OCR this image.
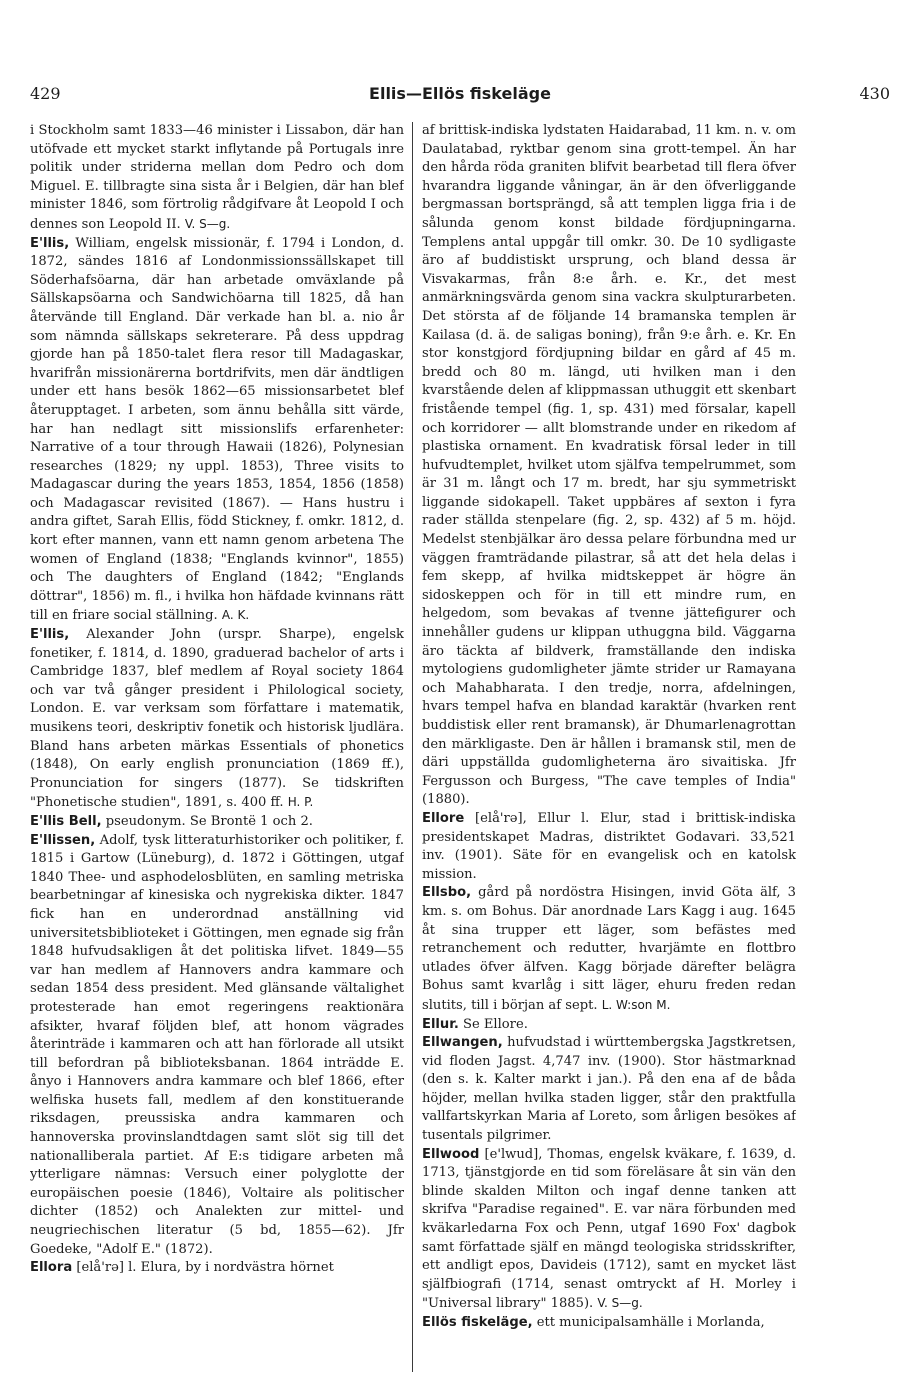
429	Ellis—Ellös fiskeläge	430

i Stockholm samt 1833—46 minister i Lissabon, där han utöfvade ett mycket starkt inflytande på Portugals inre politik under striderna mellan dom Pedro och dom Miguel. E. tillbragte sina sista år i Belgien, där han blef minister 1846, som förtrolig rådgifvare åt Leopold I och dennes son Leopold II. V. S—g.

E'llis, William, engelsk missionär, f. 1794 i London, d. 1872, sändes 1816 af Londonmissionssällskapet till Söderhafsöarna, där han arbetade omväxlande på Sällskapsöarna och Sandwichöarna till 1825, då han återvände till England. Där verkade han bl. a. nio år som nämnda sällskaps sekreterare. På dess uppdrag gjorde han på 1850-talet flera resor till Madagaskar, hvarifrån missionärerna bortdrifvits, men där ändtligen under ett hans besök 1862—65 missionsarbetet blef återupptaget. I arbeten, som ännu behålla sitt värde, har han nedlagt sitt missionslifs erfarenheter: Narrative of a tour through Hawaii (1826), Polynesian researches (1829; ny uppl. 1853), Three visits to Madagascar during the years 1853, 1854, 1856 (1858) och Madagascar revisited (1867). — Hans hustru i andra giftet, Sarah Ellis, född Stickney, f. omkr. 1812, d. kort efter mannen, vann ett namn genom arbetena The women of England (1838; "Englands kvinnor", 1855) och The daughters of England (1842; "Englands döttrar", 1856) m. fl., i hvilka hon häfdade kvinnans rätt till en friare social ställning. A. K.

E'llis, Alexander John (urspr. Sharpe), engelsk fonetiker, f. 1814, d. 1890, graduerad bachelor of arts i Cambridge 1837, blef medlem af Royal society 1864 och var två gånger president i Philological society, London. E. var verksam som författare i matematik, musikens teori, deskriptiv fonetik och historisk ljudlära. Bland hans arbeten märkas Essentials of phonetics (1848), On early english pronunciation (1869 ff.), Pronunciation for singers (1877). Se tidskriften "Phonetische studien", 1891, s. 400 ff. H. P.

E'llis Bell, pseudonym. Se Brontë 1 och 2.

E'llissen, Adolf, tysk litteraturhistoriker och politiker, f. 1815 i Gartow (Lüneburg), d. 1872 i Göttingen, utgaf 1840 Thee- und asphodelosblüten, en samling metriska bearbetningar af kinesiska och nygrekiska dikter. 1847 fick han en underordnad anställning vid universitetsbiblioteket i Göttingen, men egnade sig från 1848 hufvudsakligen åt det politiska lifvet. 1849—55 var han medlem af Hannovers andra kammare och sedan 1854 dess president. Med glänsande vältalighet protesterade han emot regeringens reaktionära afsikter, hvaraf följden blef, att honom vägrades återinträde i kammaren och att han förlorade all utsikt till befordran på biblioteksbanan. 1864 inträdde E. ånyo i Hannovers andra kammare och blef 1866, efter welfiska husets fall, medlem af den konstituerande riksdagen, preussiska andra kammaren och hannoverska provinslandtdagen samt slöt sig till det nationalliberala partiet. Af E:s tidigare arbeten må ytterligare nämnas: Versuch einer polyglotte der europäischen poesie (1846), Voltaire als politischer dichter (1852) och Analekten zur mittel- und neugriechischen literatur (5 bd, 1855—62). Jfr Goedeke, "Adolf E." (1872).

Ellora [elå'rə] l. Elura, by i nordvästra hörnet

af brittisk-indiska lydstaten Haidarabad, 11 km. n. v. om Daulatabad, ryktbar genom sina grott-tempel. Än har den hårda röda graniten blifvit bearbetad till flera öfver hvarandra liggande våningar, än är den öfverliggande bergmassan bortsprängd, så att templen ligga fria i de sålunda genom konst bildade fördjupningarna. Templens antal uppgår till omkr. 30. De 10 sydligaste äro af buddistiskt ursprung, och bland dessa är Visvakarmas, från 8:e årh. e. Kr., det mest anmärkningsvärda genom sina vackra skulpturarbeten. Det största af de följande 14 bramanska templen är Kailasa (d. ä. de saligas boning), från 9:e årh. e. Kr. En stor konstgjord fördjupning bildar en gård af 45 m. bredd och 80 m. längd, uti hvilken man i den kvarstående delen af klippmassan uthuggit ett skenbart fristående tempel (fig. 1, sp. 431) med försalar, kapell och korridorer — allt blomstrande under en rikedom af plastiska ornament. En kvadratisk försal leder in till hufvudtemplet, hvilket utom själfva tempelrummet, som är 31 m. långt och 17 m. bredt, har sju symmetriskt liggande sidokapell. Taket uppbäres af sexton i fyra rader ställda stenpelare (fig. 2, sp. 432) af 5 m. höjd. Medelst stenbjälkar äro dessa pelare förbundna med ur väggen framträdande pilastrar, så att det hela delas i fem skepp, af hvilka midtskeppet är högre än sidoskeppen och för in till ett mindre rum, en helgedom, som bevakas af tvenne jättefigurer och innehåller gudens ur klippan uthuggna bild. Väggarna äro täckta af bildverk, framställande den indiska mytologiens gudomligheter jämte strider ur Ramayana och Mahabharata. I den tredje, norra, afdelningen, hvars tempel hafva en blandad karaktär (hvarken rent buddistisk eller rent bramansk), är Dhumarlenagrottan den märkligaste. Den är hållen i bramansk stil, men de däri uppställda gudomligheterna äro sivaitiska. Jfr Fergusson och Burgess, "The cave temples of India" (1880).

Ellore [elå'rə], Ellur l. Elur, stad i brittisk-indiska presidentskapet Madras, distriktet Godavari. 33,521 inv. (1901). Säte för en evangelisk och en katolsk mission.

Ellsbo, gård på nordöstra Hisingen, invid Göta älf, 3 km. s. om Bohus. Där anordnade Lars Kagg i aug. 1645 åt sina trupper ett läger, som befästes med retranchement och redutter, hvarjämte en flottbro utlades öfver älfven. Kagg började därefter belägra Bohus samt kvarlåg i sitt läger, ehuru freden redan slutits, till i början af sept. L. W:son M.

Ellur. Se Ellore.

Ellwangen, hufvudstad i württembergska Jagstkretsen, vid floden Jagst. 4,747 inv. (1900). Stor hästmarknad (den s. k. Kalter markt i jan.). På den ena af de båda höjder, mellan hvilka staden ligger, står den praktfulla vallfartskyrkan Maria af Loreto, som årligen besökes af tusentals pilgrimer.

Ellwood [e'lwud], Thomas, engelsk kväkare, f. 1639, d. 1713, tjänstgjorde en tid som föreläsare åt sin vän den blinde skalden Milton och ingaf denne tanken att skrifva "Paradise regained". E. var nära förbunden med kväkarledarna Fox och Penn, utgaf 1690 Fox' dagbok samt författade själf en mängd teologiska stridsskrifter, ett andligt epos, Davideis (1712), samt en mycket läst själfbiografi (1714, senast omtryckt af H. Morley i "Universal library" 1885). V. S—g.

Ellös fiskeläge, ett municipalsamhälle i Morlanda,
